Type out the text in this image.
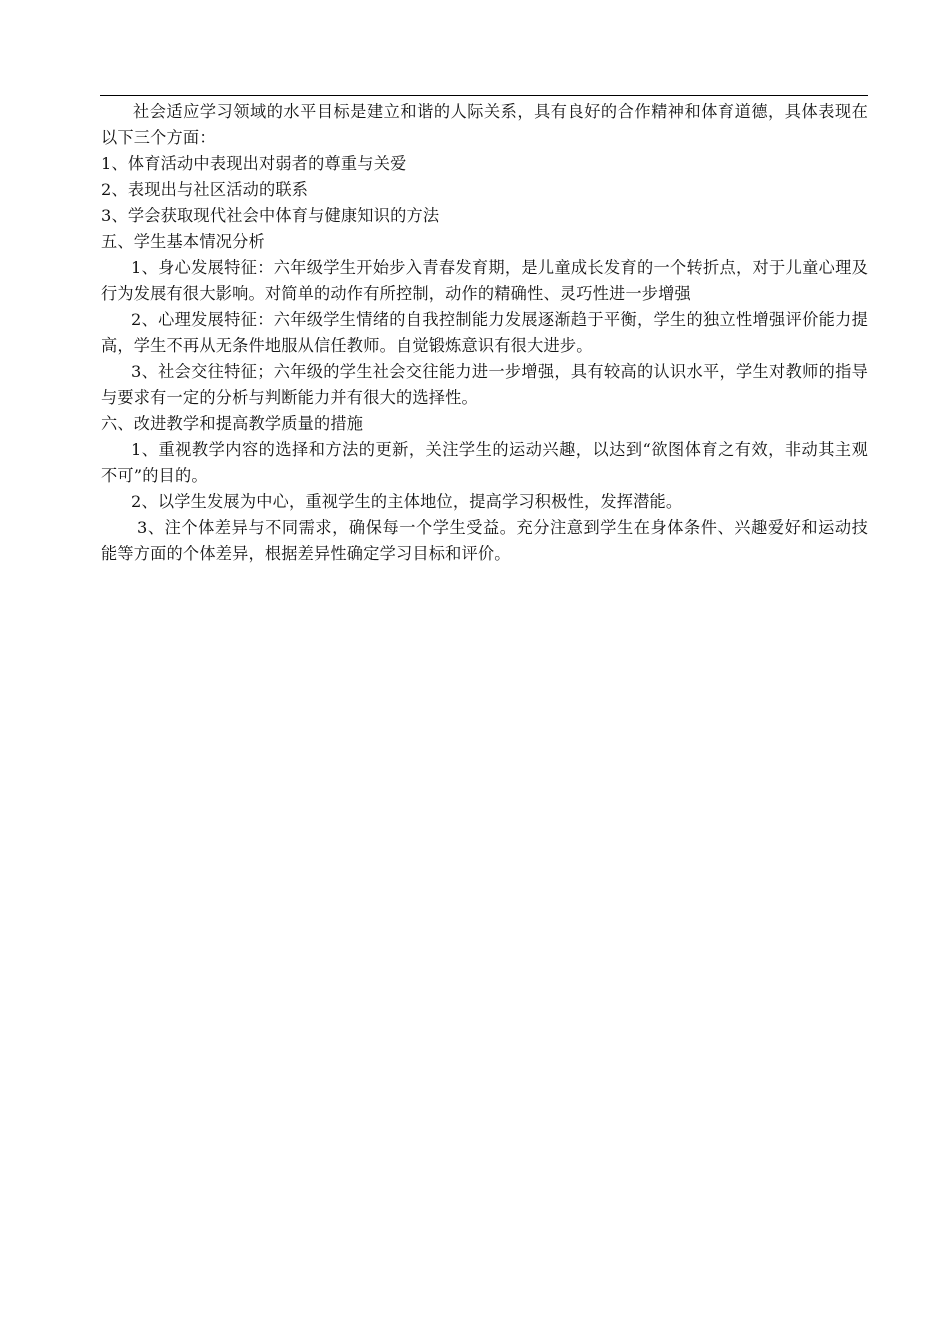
社会适应学习领域的水平目标是建立和谐的人际关系，具有良好的合作精神和体育道德，具体表现在以下三个方面：

1、体育活动中表现出对弱者的尊重与关爱

2、表现出与社区活动的联系

3、学会获取现代社会中体育与健康知识的方法

五、学生基本情况分析

1、身心发展特征：六年级学生开始步入青春发育期，是儿童成长发育的一个转折点，对于儿童心理及行为发展有很大影响。对简单的动作有所控制，动作的精确性、灵巧性进一步增强

2、心理发展特征：六年级学生情绪的自我控制能力发展逐渐趋于平衡，学生的独立性增强评价能力提高，学生不再从无条件地服从信任教师。自觉锻炼意识有很大进步。

3、社会交往特征；六年级的学生社会交往能力进一步增强，具有较高的认识水平，学生对教师的指导与要求有一定的分析与判断能力并有很大的选择性。

六、改进教学和提高教学质量的措施

1、重视教学内容的选择和方法的更新，关注学生的运动兴趣，以达到“欲图体育之有效，非动其主观不可”的目的。

2、以学生发展为中心，重视学生的主体地位，提高学习积极性，发挥潜能。

3、注个体差异与不同需求，确保每一个学生受益。充分注意到学生在身体条件、兴趣爱好和运动技能等方面的个体差异，根据差异性确定学习目标和评价。
